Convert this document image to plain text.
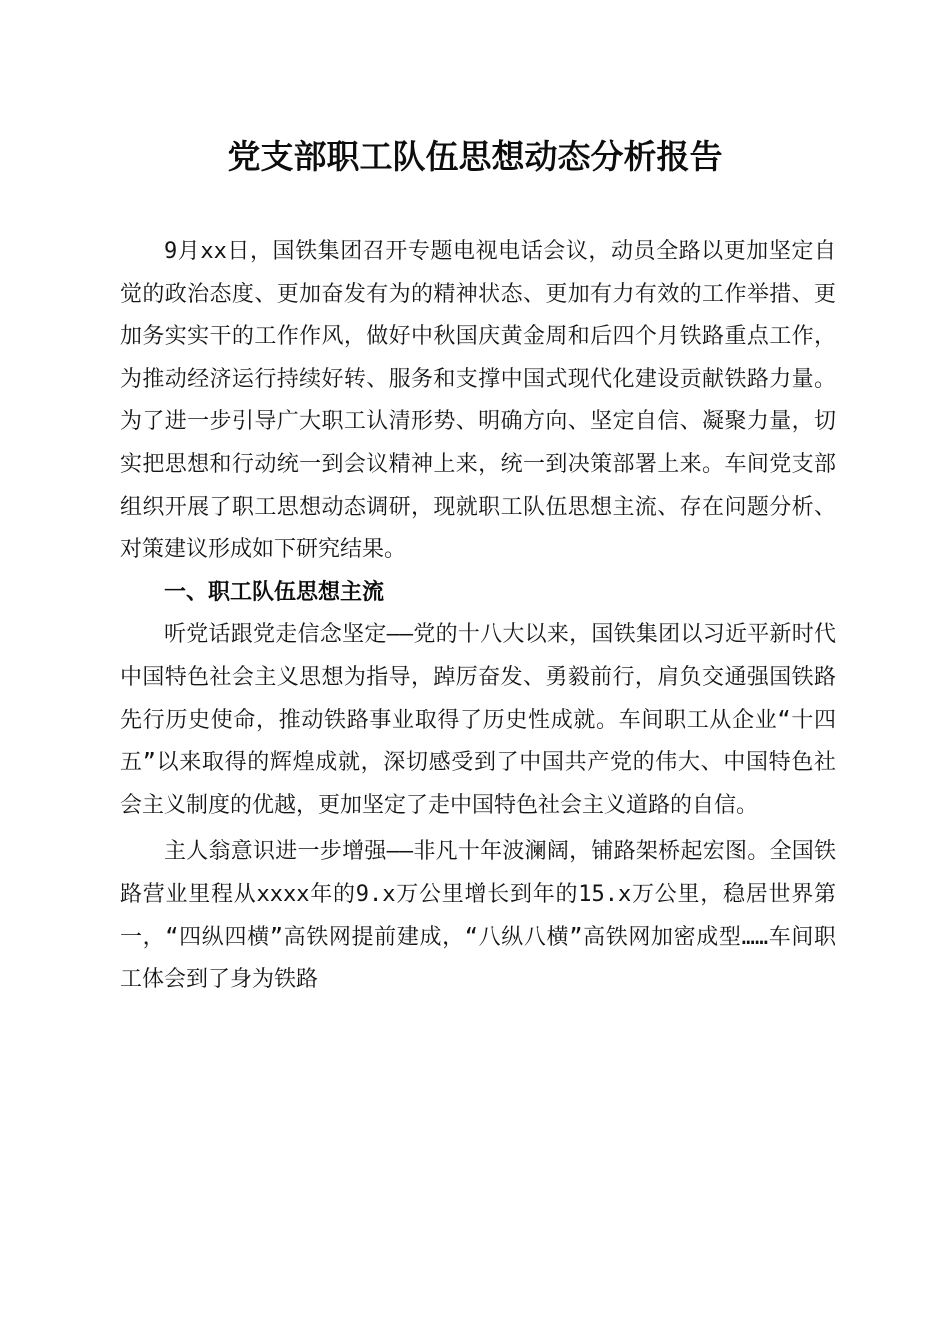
党支部职工队伍思想动态分析报告

9月xx日，国铁集团召开专题电视电话会议，动员全路以更加坚定自觉的政治态度、更加奋发有为的精神状态、更加有力有效的工作举措、更加务实实干的工作作风，做好中秋国庆黄金周和后四个月铁路重点工作，为推动经济运行持续好转、服务和支撑中国式现代化建设贡献铁路力量。为了进一步引导广大职工认清形势、明确方向、坚定自信、凝聚力量，切实把思想和行动统一到会议精神上来，统一到决策部署上来。车间党支部组织开展了职工思想动态调研，现就职工队伍思想主流、存在问题分析、对策建议形成如下研究结果。

一、职工队伍思想主流

听党话跟党走信念坚定——党的十八大以来，国铁集团以习近平新时代中国特色社会主义思想为指导，踔厉奋发、勇毅前行，肩负交通强国铁路先行历史使命，推动铁路事业取得了历史性成就。车间职工从企业“十四五”以来取得的辉煌成就，深切感受到了中国共产党的伟大、中国特色社会主义制度的优越，更加坚定了走中国特色社会主义道路的自信。

主人翁意识进一步增强——非凡十年波澜阔，铺路架桥起宏图。全国铁路营业里程从xxxx年的9.x万公里增长到年的15.x万公里，稳居世界第一，“四纵四横”高铁网提前建成，“八纵八横”高铁网加密成型……车间职工体会到了身为铁路
